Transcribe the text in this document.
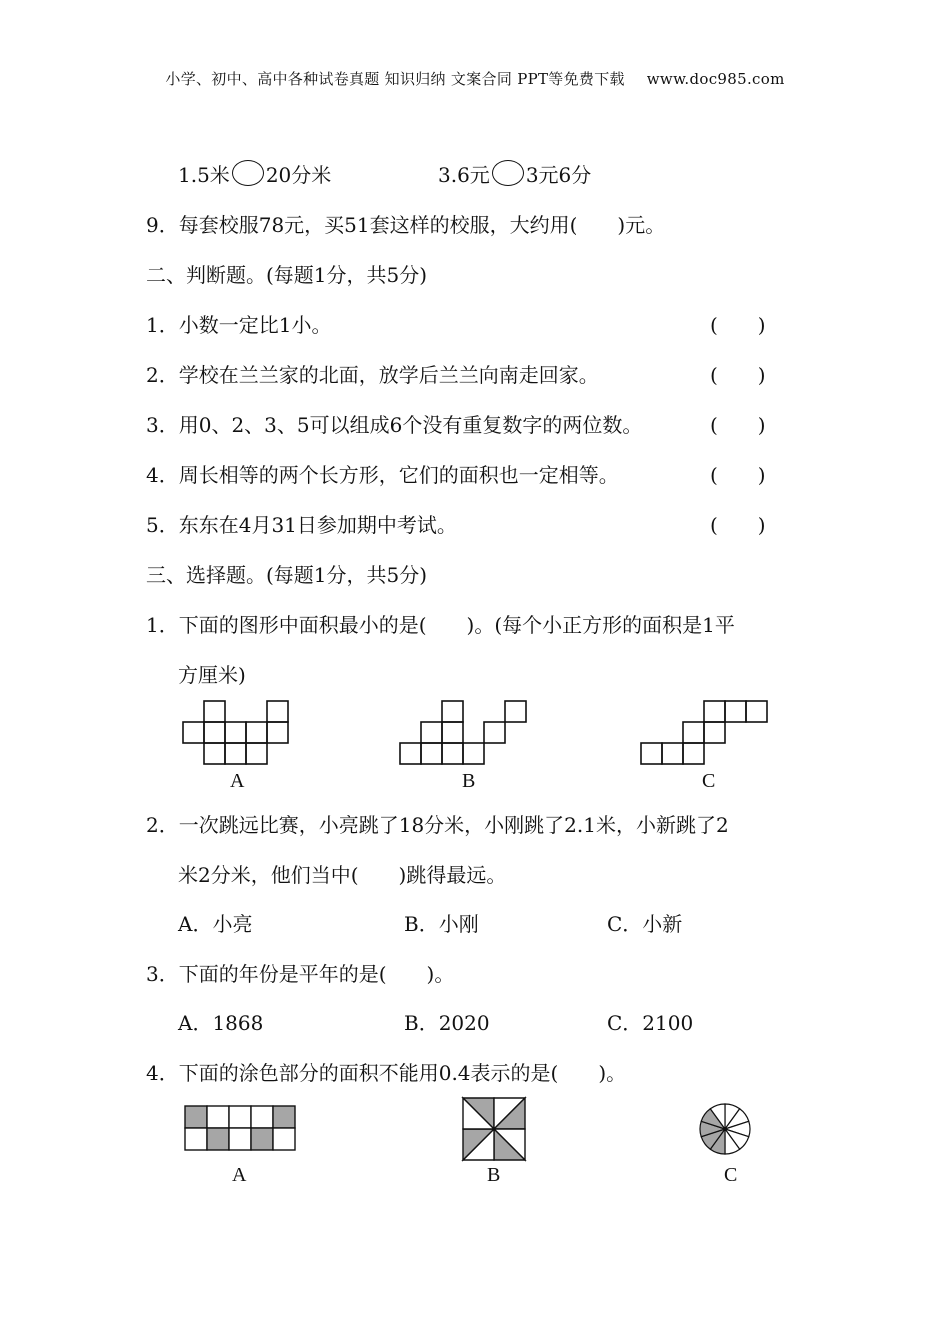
小学、初中、高中各种试卷真题 知识归纳 文案合同 PPT等免费下载 www.doc985.com
1.5米 20分米	3.6元 3元6分
9．每套校服78元，买51套这样的校服，大约用(　　)元。
二、判断题。(每题1分，共5分)
1．小数一定比1小。	(　　)
2．学校在兰兰家的北面，放学后兰兰向南走回家。	(　　)
3．用0、2、3、5可以组成6个没有重复数字的两位数。	(　　)
4．周长相等的两个长方形，它们的面积也一定相等。	(　　)
5．东东在4月31日参加期中考试。	(　　)
三、选择题。(每题1分，共5分)
1．下面的图形中面积最小的是(　　)。(每个小正方形的面积是1平
方厘米)
A	B	C
2．一次跳远比赛，小亮跳了18分米，小刚跳了2.1米，小新跳了2
米2分米，他们当中(　　)跳得最远。
A．小亮	B．小刚	C．小新
3．下面的年份是平年的是(　　)。
A．1868	B．2020	C．2100
4．下面的涂色部分的面积不能用0.4表示的是(　　)。
A	B	C
